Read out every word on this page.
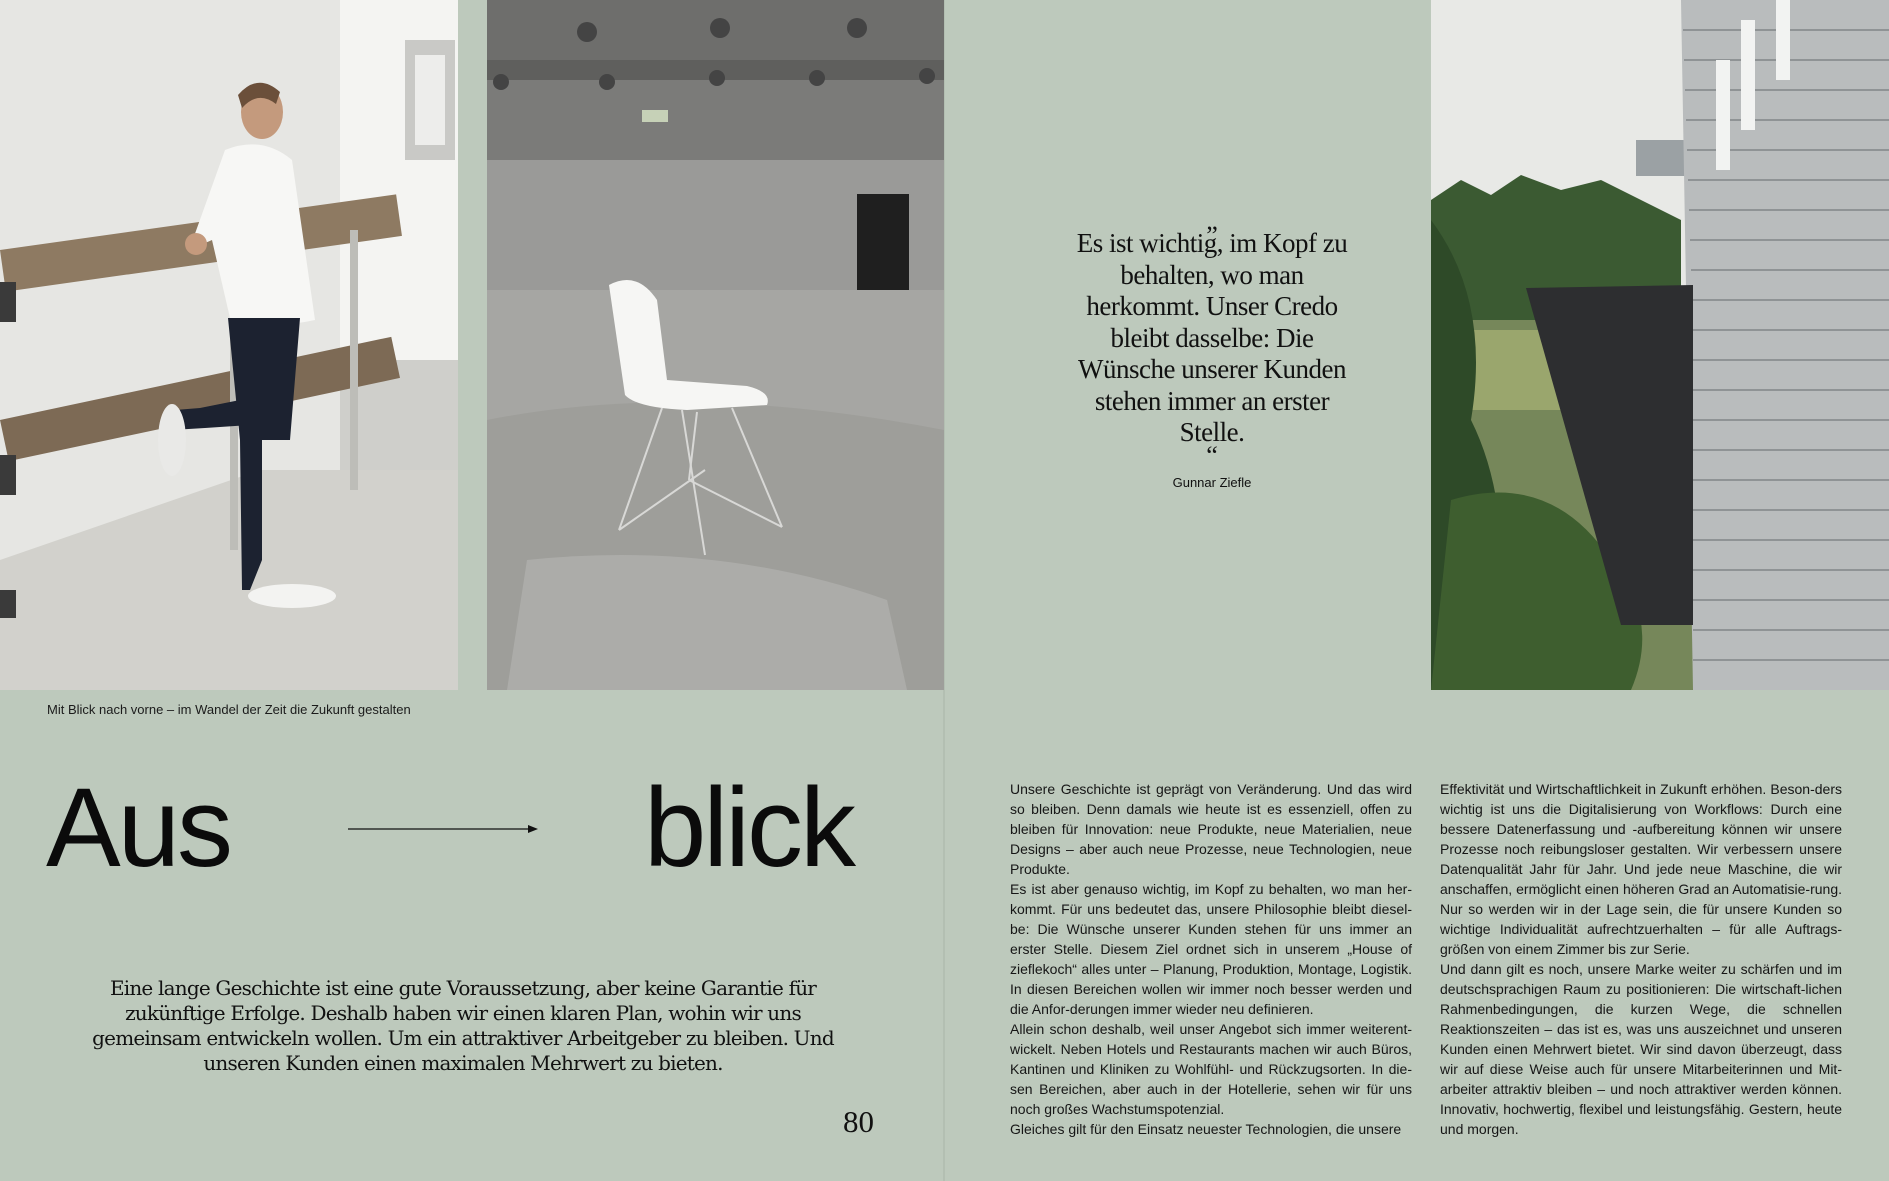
Mit Blick nach vorne – im Wandel der Zeit die Zukunft gestalten
Aus	blick
Eine lange Geschichte ist eine gute Voraussetzung, aber keine Garantie für zukünftige Erfolge. Deshalb haben wir einen klaren Plan, wohin wir uns gemeinsam entwickeln wollen. Um ein attraktiver Arbeitgeber zu bleiben. Und unseren Kunden einen maximalen Mehrwert zu bieten.
80
„
Es ist wichtig, im Kopf zu behalten, wo man herkommt. Unser Credo bleibt dasselbe: Die Wünsche unserer Kunden stehen immer an erster Stelle.
“
Gunnar Ziefle

Unsere Geschichte ist geprägt von Veränderung. Und das wird so bleiben. Denn damals wie heute ist es essenziell, offen zu bleiben für Innovation: neue Produkte, neue Materialien, neue Designs – aber auch neue Prozesse, neue Technologien, neue Produkte.

Es ist aber genauso wichtig, im Kopf zu behalten, wo man her-kommt. Für uns bedeutet das, unsere Philosophie bleibt diesel-be: Die Wünsche unserer Kunden stehen für uns immer an erster Stelle. Diesem Ziel ordnet sich in unserem „House of zieflekoch“ alles unter – Planung, Produktion, Montage, Logistik. In diesen Bereichen wollen wir immer noch besser werden und die Anfor-derungen immer wieder neu definieren.

Allein schon deshalb, weil unser Angebot sich immer weiterent-wickelt. Neben Hotels und Restaurants machen wir auch Büros, Kantinen und Kliniken zu Wohlfühl- und Rückzugsorten. In die-sen Bereichen, aber auch in der Hotellerie, sehen wir für uns noch großes Wachstumspotenzial.

Gleiches gilt für den Einsatz neuester Technologien, die unsere

Effektivität und Wirtschaftlichkeit in Zukunft erhöhen. Beson-ders wichtig ist uns die Digitalisierung von Workflows: Durch eine bessere Datenerfassung und -aufbereitung können wir unsere Prozesse noch reibungsloser gestalten. Wir verbessern unsere Datenqualität Jahr für Jahr. Und jede neue Maschine, die wir anschaffen, ermöglicht einen höheren Grad an Automatisie-rung. Nur so werden wir in der Lage sein, die für unsere Kunden so wichtige Individualität aufrechtzuerhalten – für alle Auftrags-größen von einem Zimmer bis zur Serie.

Und dann gilt es noch, unsere Marke weiter zu schärfen und im deutschsprachigen Raum zu positionieren: Die wirtschaft-lichen Rahmenbedingungen, die kurzen Wege, die schnellen Reaktionszeiten – das ist es, was uns auszeichnet und unseren Kunden einen Mehrwert bietet. Wir sind davon überzeugt, dass wir auf diese Weise auch für unsere Mitarbeiterinnen und Mit-arbeiter attraktiv bleiben – und noch attraktiver werden können. Innovativ, hochwertig, flexibel und leistungsfähig. Gestern, heute und morgen.
